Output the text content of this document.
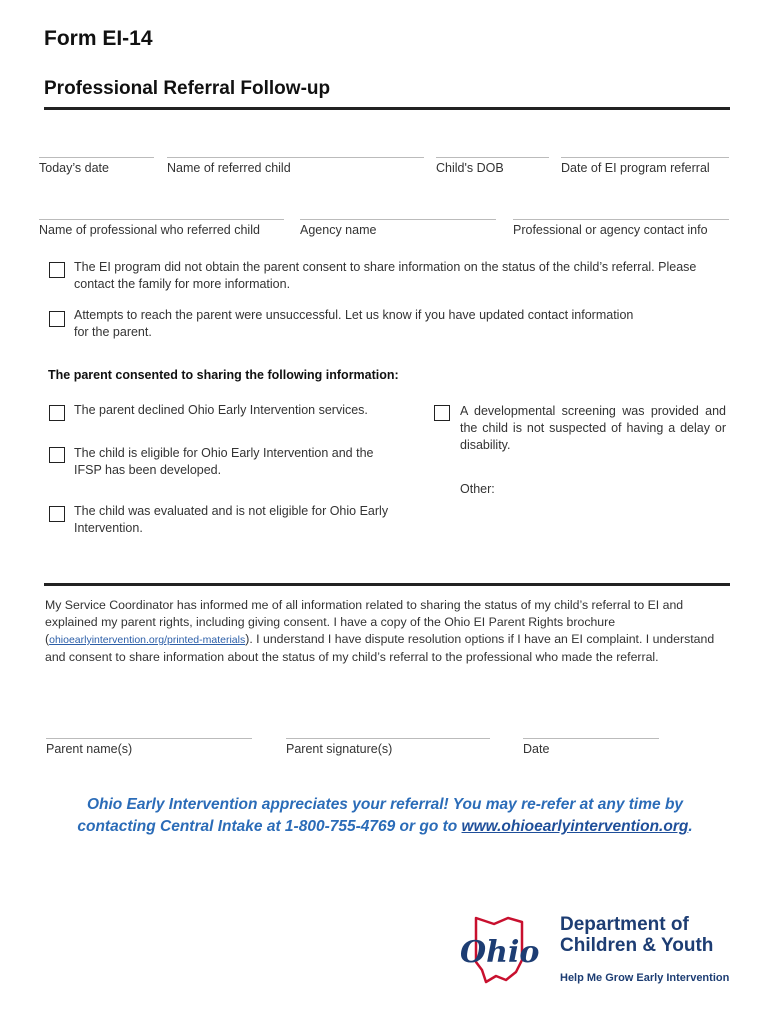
Form EI-14
Professional Referral Follow-up
Today’s date	Name of referred child	Child's DOB	Date of EI program referral
Name of professional who referred child	Agency name	Professional or agency contact info
The EI program did not obtain the parent consent to share information on the status of the child’s referral. Please contact the family for more information.
Attempts to reach the parent were unsuccessful. Let us know if you have updated contact information for the parent.
The parent consented to sharing the following information:
The parent declined Ohio Early Intervention services.
The child is eligible for Ohio Early Intervention and the IFSP has been developed.
The child was evaluated and is not eligible for Ohio Early Intervention.
A developmental screening was provided and the child is not suspected of having a delay or disability.
Other:
My Service Coordinator has informed me of all information related to sharing the status of my child’s referral to EI and explained my parent rights, including giving consent. I have a copy of the Ohio EI Parent Rights brochure (ohioearlyintervention.org/printed-materials). I understand I have dispute resolution options if I have an EI complaint. I understand and consent to share information about the status of my child’s referral to the professional who made the referral.
Parent name(s)	Parent signature(s)	Date
Ohio Early Intervention appreciates your referral! You may re-refer at any time by
contacting Central Intake at 1-800-755-4769 or go to www.ohioearlyintervention.org.
Ohio
Department of
Children & Youth
Help Me Grow Early Intervention
